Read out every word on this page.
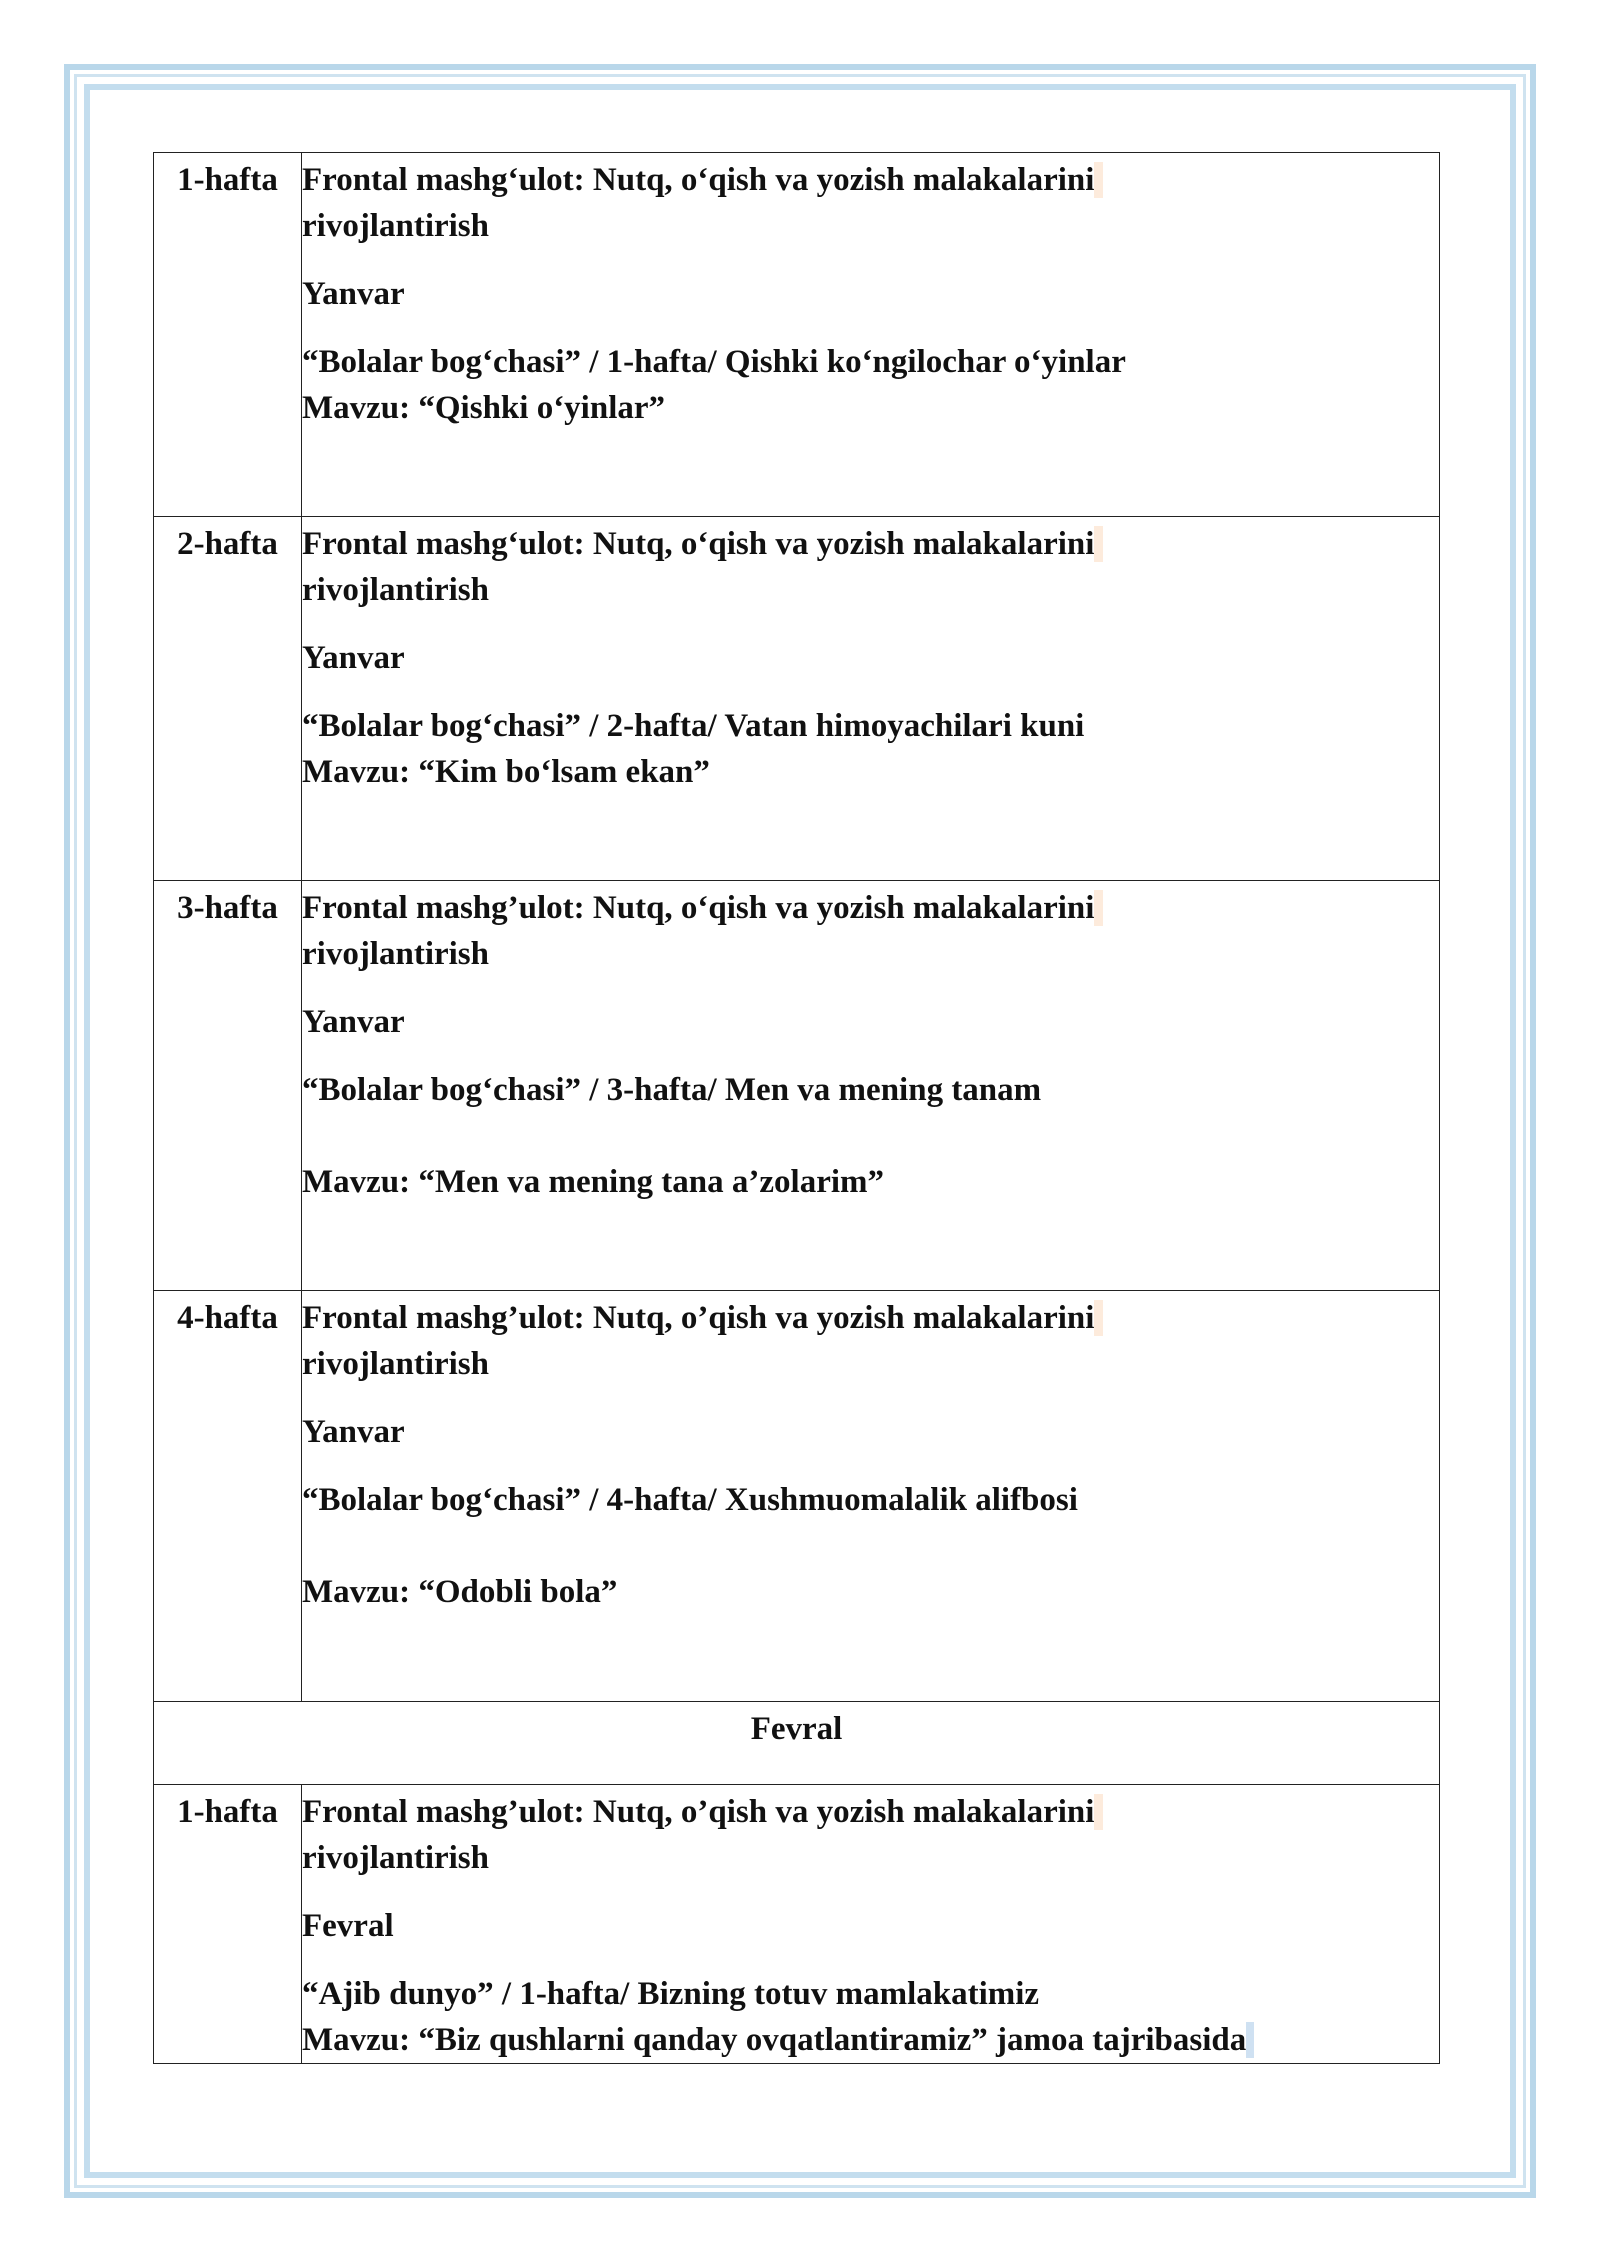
1-hafta	Frontal mashg‘ulot: Nutq, o‘qish va yozish malakalarini
rivojlantirish
Yanvar
“Bolalar bog‘chasi” / 1-hafta/ Qishki ko‘ngilochar o‘yinlar
Mavzu: “Qishki o‘yinlar”

2-hafta	Frontal mashg‘ulot: Nutq, o‘qish va yozish malakalarini
rivojlantirish
Yanvar
“Bolalar bog‘chasi” / 2-hafta/ Vatan himoyachilari kuni
Mavzu: “Kim bo‘lsam ekan”

3-hafta	Frontal mashg’ulot: Nutq, o‘qish va yozish malakalarini
rivojlantirish
Yanvar
“Bolalar bog‘chasi” / 3-hafta/ Men va mening tanam
Mavzu: “Men va mening tana a’zolarim”

4-hafta	Frontal mashg’ulot: Nutq, o’qish va yozish malakalarini
rivojlantirish
Yanvar
“Bolalar bog‘chasi” / 4-hafta/ Xushmuomalalik alifbosi
Mavzu: “Odobli bola”

Fevral	

1-hafta	Frontal mashg’ulot: Nutq, o’qish va yozish malakalarini
rivojlantirish
Fevral
“Ajib dunyo” / 1-hafta/ Bizning totuv mamlakatimiz
Mavzu: “Biz qushlarni qanday ovqatlantiramiz” jamoa tajribasida
